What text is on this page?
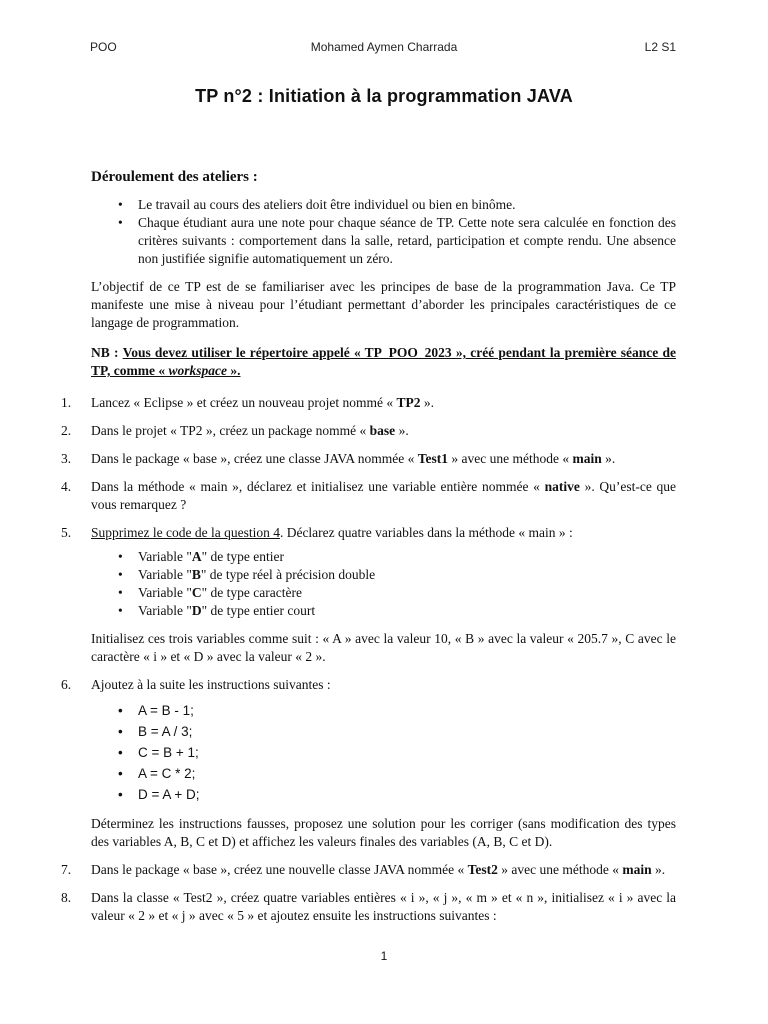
POO	Mohamed Aymen Charrada	L2 S1
TP n°2 : Initiation à la programmation JAVA
Déroulement des ateliers :
• Le travail au cours des ateliers doit être individuel ou bien en binôme.
• Chaque étudiant aura une note pour chaque séance de TP. Cette note sera calculée en fonction des critères suivants : comportement dans la salle, retard, participation et compte rendu. Une absence non justifiée signifie automatiquement un zéro.

L’objectif de ce TP est de se familiariser avec les principes de base de la programmation Java. Ce TP manifeste une mise à niveau pour l’étudiant permettant d’aborder les principales caractéristiques de ce langage de programmation.

NB : Vous devez utiliser le répertoire appelé « TP_POO_2023 », créé pendant la première séance de TP, comme « workspace ».

1. Lancez « Eclipse » et créez un nouveau projet nommé « TP2 ».
2. Dans le projet « TP2 », créez un package nommé « base ».
3. Dans le package « base », créez une classe JAVA nommée « Test1 » avec une méthode « main ».
4. Dans la méthode « main », déclarez et initialisez une variable entière nommée « native ». Qu’est-ce que vous remarquez ?
5. Supprimez le code de la question 4. Déclarez quatre variables dans la méthode « main » :
• Variable "A" de type entier
• Variable "B" de type réel à précision double
• Variable "C" de type caractère
• Variable "D" de type entier court
Initialisez ces trois variables comme suit : « A » avec la valeur 10, « B » avec la valeur « 205.7 », C avec le caractère « i » et « D » avec la valeur « 2 ».
6. Ajoutez à la suite les instructions suivantes :
• A = B - 1;
• B = A / 3;
• C = B + 1;
• A = C * 2;
• D = A + D;
Déterminez les instructions fausses, proposez une solution pour les corriger (sans modification des types des variables A, B, C et D) et affichez les valeurs finales des variables (A, B, C et D).
7. Dans le package « base », créez une nouvelle classe JAVA nommée « Test2 » avec une méthode « main ».
8. Dans la classe « Test2 », créez quatre variables entières « i », « j », « m » et « n », initialisez « i » avec la valeur « 2 » et « j » avec « 5 » et ajoutez ensuite les instructions suivantes :
1
